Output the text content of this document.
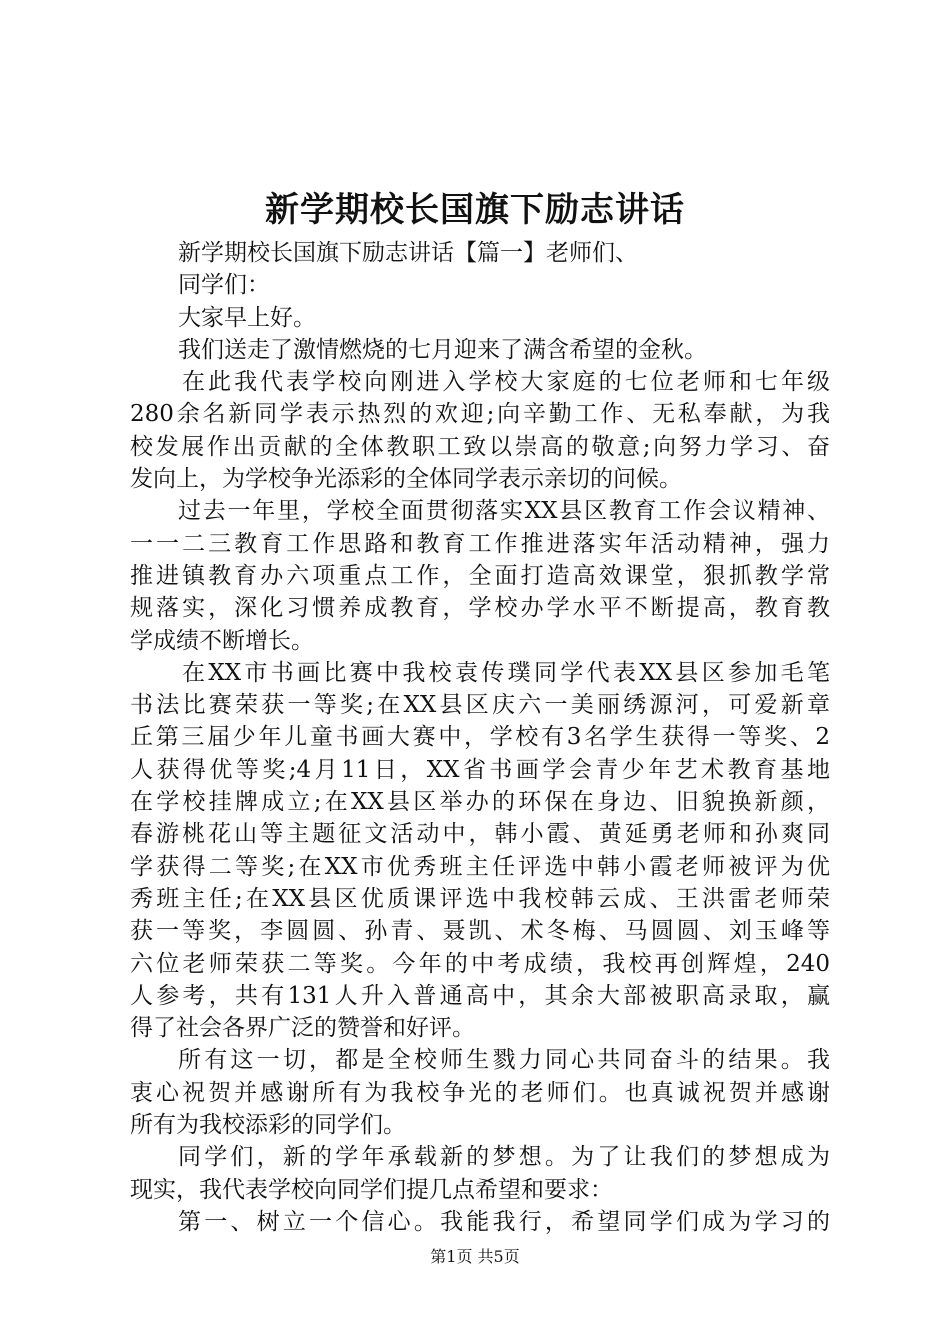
新学期校长国旗下励志讲话
新学期校长国旗下励志讲话【篇一】老师们、
同学们：
大家早上好。
我们送走了激情燃烧的七月迎来了满含希望的金秋。
在此我代表学校向刚进入学校大家庭的七位老师和七年级
280余名新同学表示热烈的欢迎;向辛勤工作、无私奉献，为我
校发展作出贡献的全体教职工致以崇高的敬意;向努力学习、奋
发向上，为学校争光添彩的全体同学表示亲切的问候。
过去一年里，学校全面贯彻落实XX县区教育工作会议精神、
一一二三教育工作思路和教育工作推进落实年活动精神，强力
推进镇教育办六项重点工作，全面打造高效课堂，狠抓教学常
规落实，深化习惯养成教育，学校办学水平不断提高，教育教
学成绩不断增长。
在XX市书画比赛中我校袁传璞同学代表XX县区参加毛笔
书法比赛荣获一等奖;在XX县区庆六一美丽绣源河，可爱新章
丘第三届少年儿童书画大赛中，学校有3名学生获得一等奖、2
人获得优等奖;4月11日，XX省书画学会青少年艺术教育基地
在学校挂牌成立;在XX县区举办的环保在身边、旧貌换新颜，
春游桃花山等主题征文活动中，韩小霞、黄延勇老师和孙爽同
学获得二等奖;在XX市优秀班主任评选中韩小霞老师被评为优
秀班主任;在XX县区优质课评选中我校韩云成、王洪雷老师荣
获一等奖，李圆圆、孙青、聂凯、术冬梅、马圆圆、刘玉峰等
六位老师荣获二等奖。今年的中考成绩，我校再创辉煌，240
人参考，共有131人升入普通高中，其余大部被职高录取，赢
得了社会各界广泛的赞誉和好评。
所有这一切，都是全校师生戮力同心共同奋斗的结果。我
衷心祝贺并感谢所有为我校争光的老师们。也真诚祝贺并感谢
所有为我校添彩的同学们。
同学们，新的学年承载新的梦想。为了让我们的梦想成为
现实，我代表学校向同学们提几点希望和要求：
第一、树立一个信心。我能我行，希望同学们成为学习的
第1页 共5页
